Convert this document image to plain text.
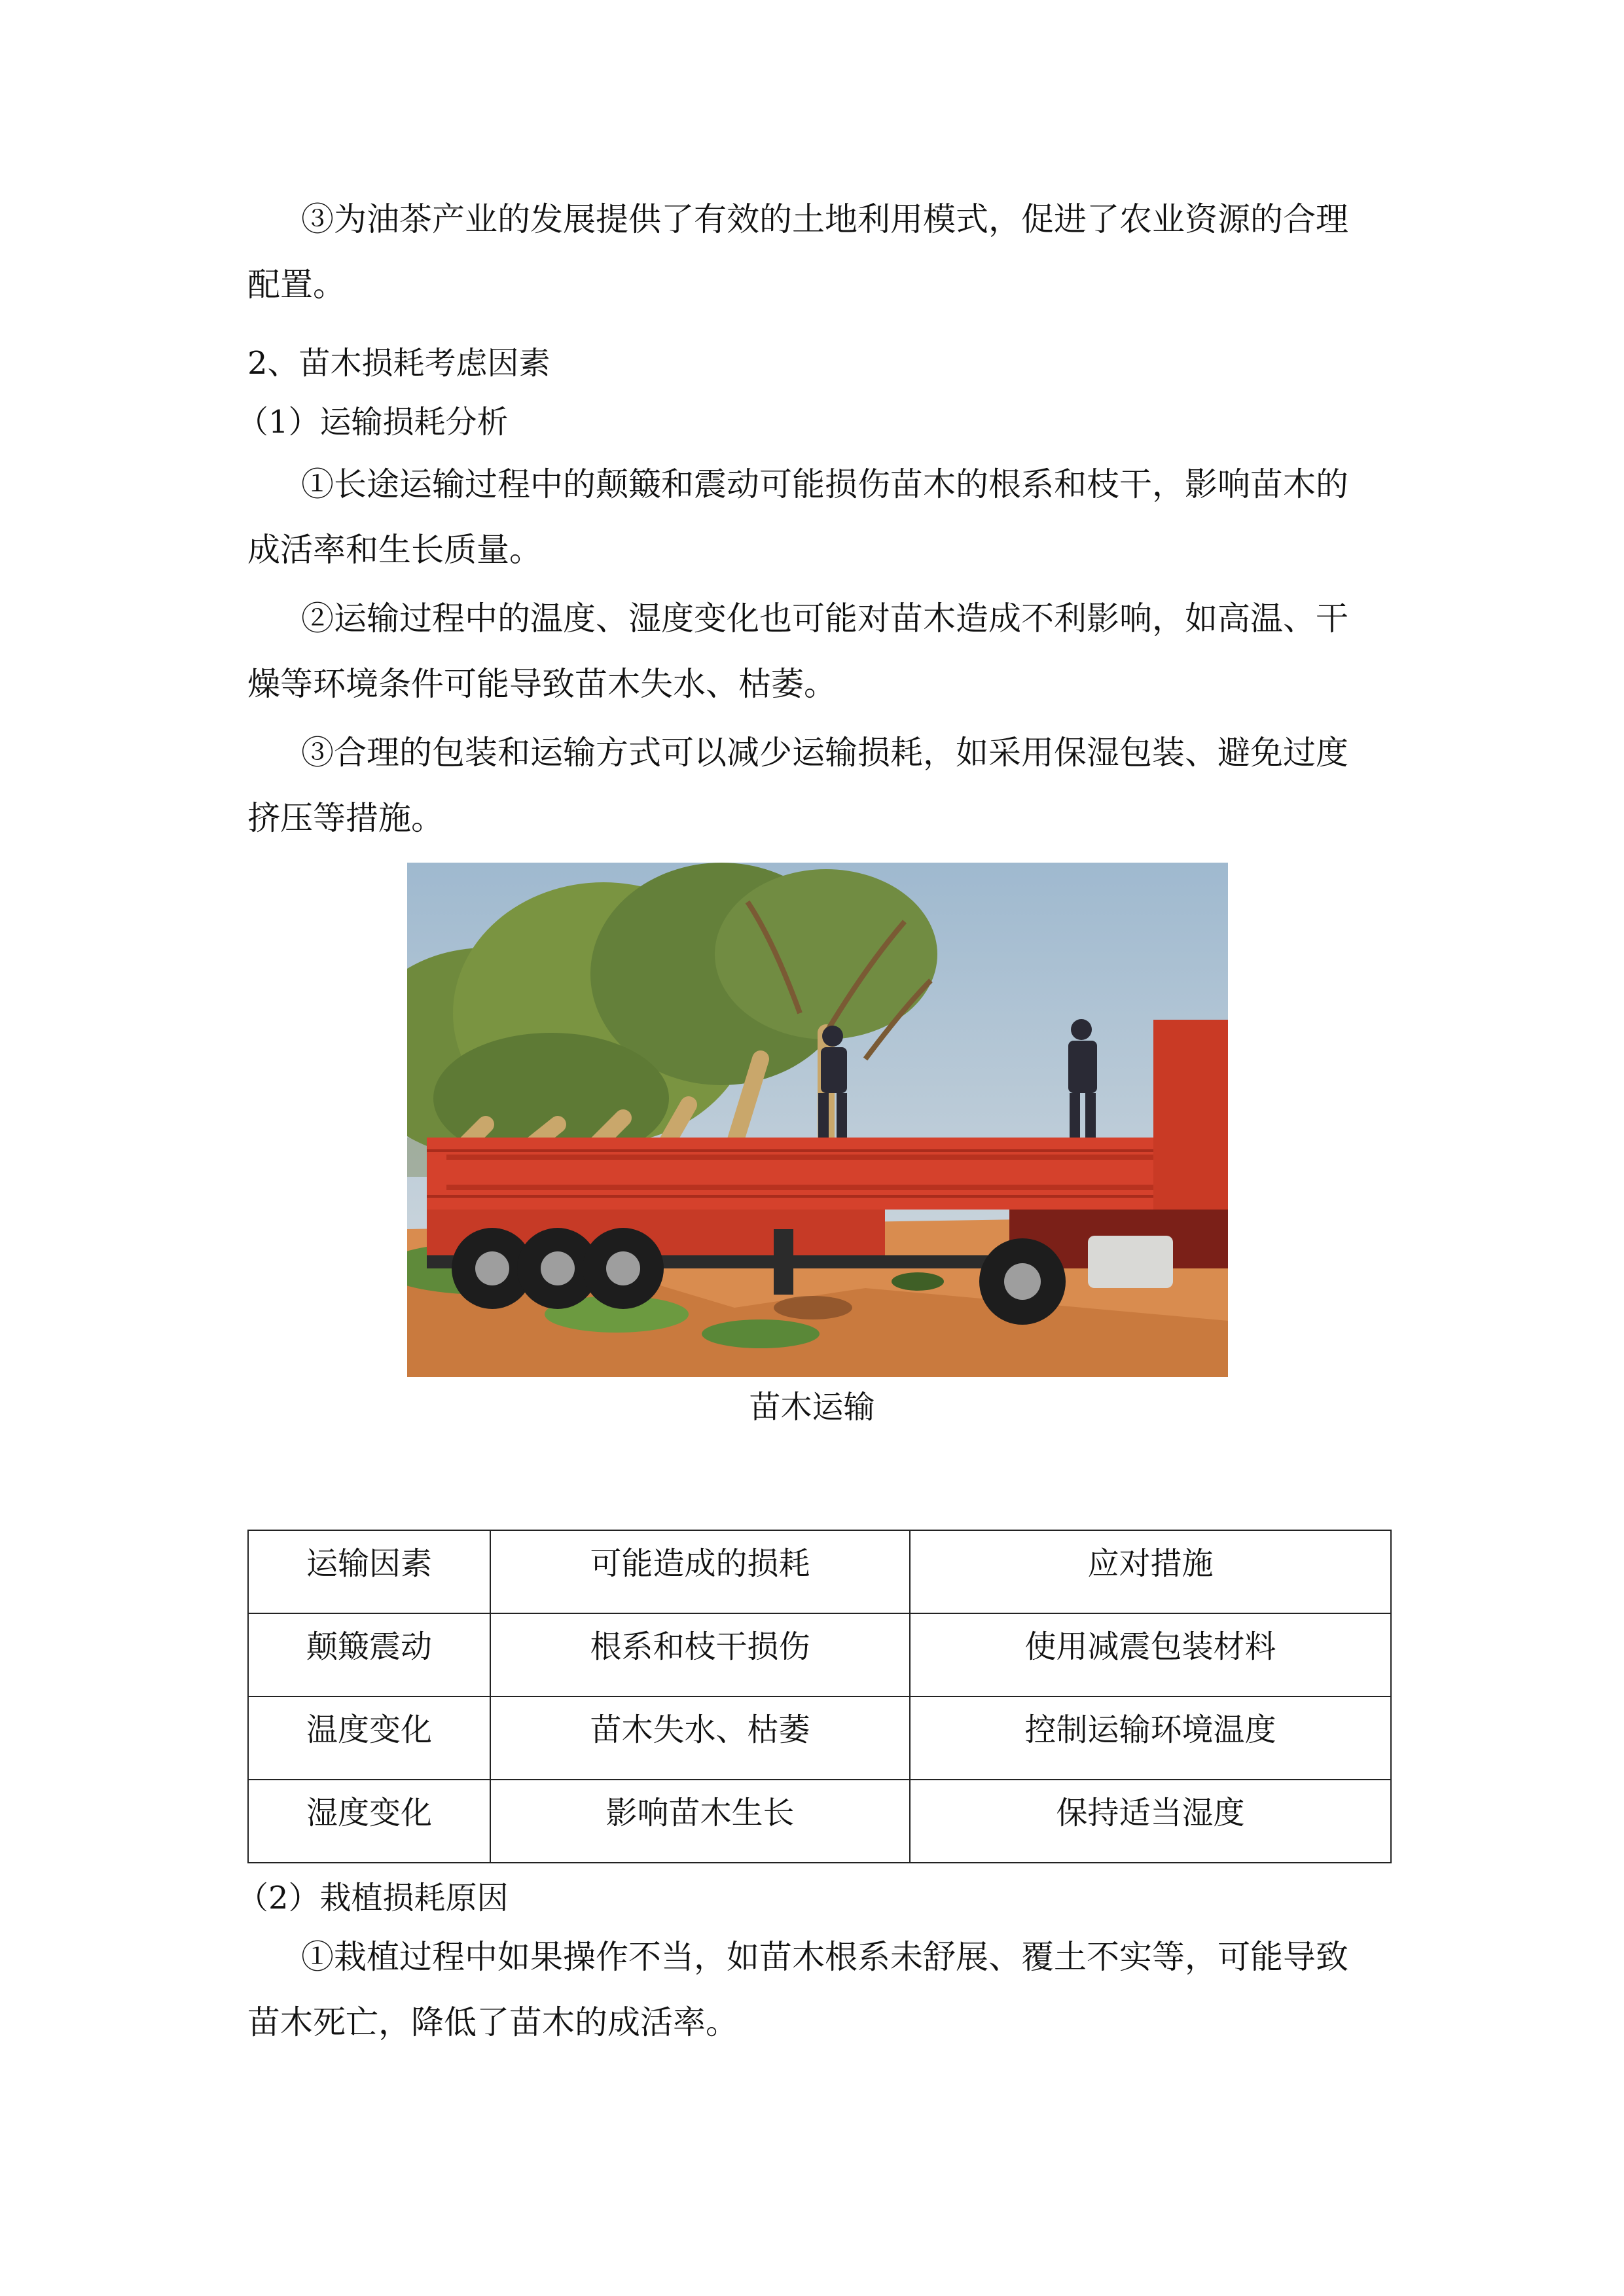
③为油茶产业的发展提供了有效的土地利用模式，促进了农业资源的合理

配置。

2、苗木损耗考虑因素

（1）运输损耗分析

①长途运输过程中的颠簸和震动可能损伤苗木的根系和枝干，影响苗木的

成活率和生长质量。

②运输过程中的温度、湿度变化也可能对苗木造成不利影响，如高温、干

燥等环境条件可能导致苗木失水、枯萎。

③合理的包装和运输方式可以减少运输损耗，如采用保湿包装、避免过度

挤压等措施。

苗木运输
运输因素	可能造成的损耗	应对措施
颠簸震动	根系和枝干损伤	使用减震包装材料
温度变化	苗木失水、枯萎	控制运输环境温度
湿度变化	影响苗木生长	保持适当湿度

（2）栽植损耗原因

①栽植过程中如果操作不当，如苗木根系未舒展、覆土不实等，可能导致

苗木死亡，降低了苗木的成活率。
